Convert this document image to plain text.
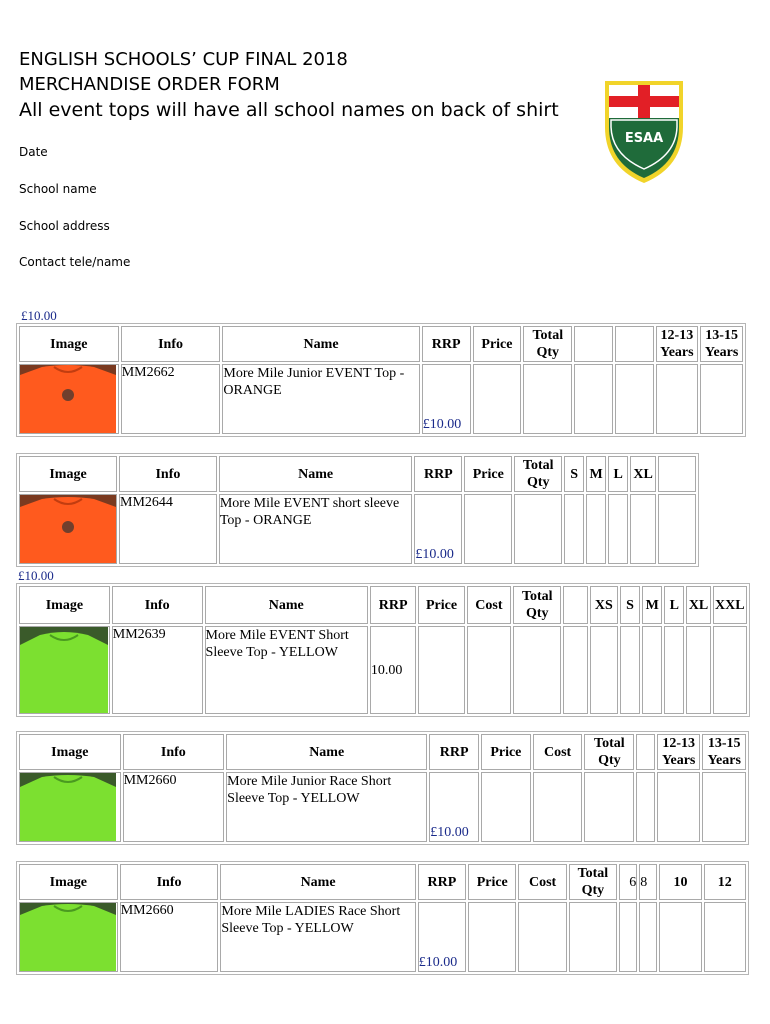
ENGLISH SCHOOLS’ CUP FINAL 2018
MERCHANDISE ORDER FORM
All event tops will have all school names on back of shirt
ESAA
Date
School name
School address
Contact tele/name
£10.00
Image	Info	Name	RRP	Price	Total Qty			12-13 Years	13-15 Years

	MM2662	More Mile Junior EVENT Top -ORANGE	£10.00						
Image	Info	Name	RRP	Price	Total Qty	S	M	L	XL	

	MM2644	More Mile EVENT short sleeve Top - ORANGE	£10.00							
£10.00
Image	Info	Name	RRP	Price	Cost	Total Qty		XS	S	M	L	XL	XXL

	MM2639	More Mile EVENT Short Sleeve Top - YELLOW	10.00										
Image	Info	Name	RRP	Price	Cost	Total Qty		12-13 Years	13-15 Years

	MM2660	More Mile Junior Race Short Sleeve Top - YELLOW	£10.00						
Image	Info	Name	RRP	Price	Cost	Total Qty	6	8	10	12

	MM2660	More Mile LADIES Race Short Sleeve Top - YELLOW	£10.00							
